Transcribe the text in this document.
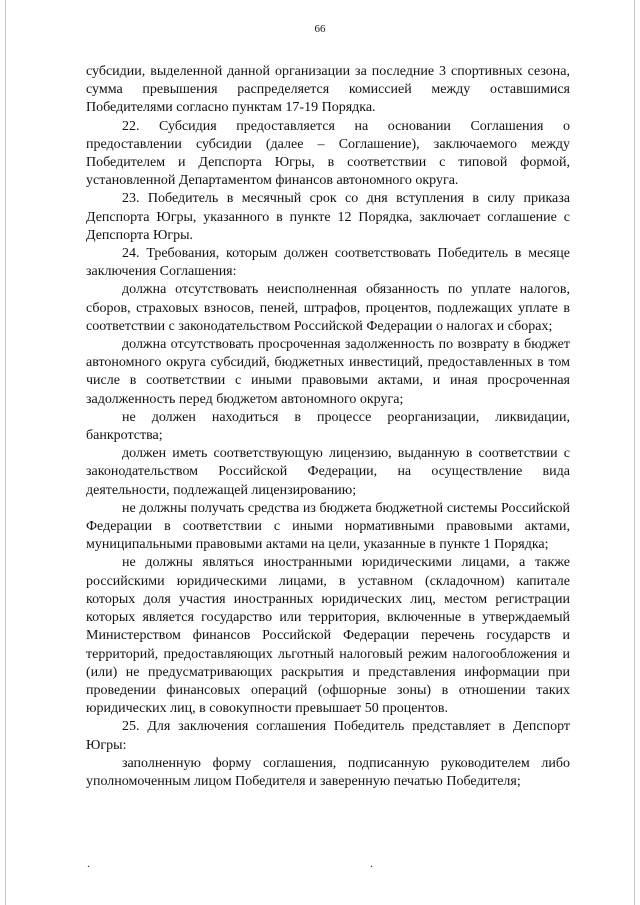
66

субсидии, выделенной данной организации за последние 3 спортивных сезона, сумма превышения распределяется комиссией между оставшимися Победителями согласно пунктам 17-19 Порядка.

22. Субсидия предоставляется на основании Соглашения о предоставлении субсидии (далее – Соглашение), заключаемого между Победителем и Депспорта Югры, в соответствии с типовой формой, установленной Департаментом финансов автономного округа.

23. Победитель в месячный срок со дня вступления в силу приказа Депспорта Югры, указанного в пункте 12 Порядка, заключает соглашение с Депспорта Югры.

24. Требования, которым должен соответствовать Победитель в месяце заключения Соглашения:

должна отсутствовать неисполненная обязанность по уплате налогов, сборов, страховых взносов, пеней, штрафов, процентов, подлежащих уплате в соответствии с законодательством Российской Федерации о налогах и сборах;

должна отсутствовать просроченная задолженность по возврату в бюджет автономного округа субсидий, бюджетных инвестиций, предоставленных в том числе в соответствии с иными правовыми актами, и иная просроченная задолженность перед бюджетом автономного округа;

не должен находиться в процессе реорганизации, ликвидации, банкротства;

должен иметь соответствующую лицензию, выданную в соответствии с законодательством Российской Федерации, на осуществление вида деятельности, подлежащей лицензированию;

не должны получать средства из бюджета бюджетной системы Российской Федерации в соответствии с иными нормативными правовыми актами, муниципальными правовыми актами на цели, указанные в пункте 1 Порядка;

не должны являться иностранными юридическими лицами, а также российскими юридическими лицами, в уставном (складочном) капитале которых доля участия иностранных юридических лиц, местом регистрации которых является государство или территория, включенные в утверждаемый Министерством финансов Российской Федерации перечень государств и территорий, предоставляющих льготный налоговый режим налогообложения и (или) не предусматривающих раскрытия и представления информации при проведении финансовых операций (офшорные зоны) в отношении таких юридических лиц, в совокупности превышает 50 процентов.

25. Для заключения соглашения Победитель представляет в Депспорт Югры:

заполненную форму соглашения, подписанную руководителем либо уполномоченным лицом Победителя и заверенную печатью Победителя;

.	.
